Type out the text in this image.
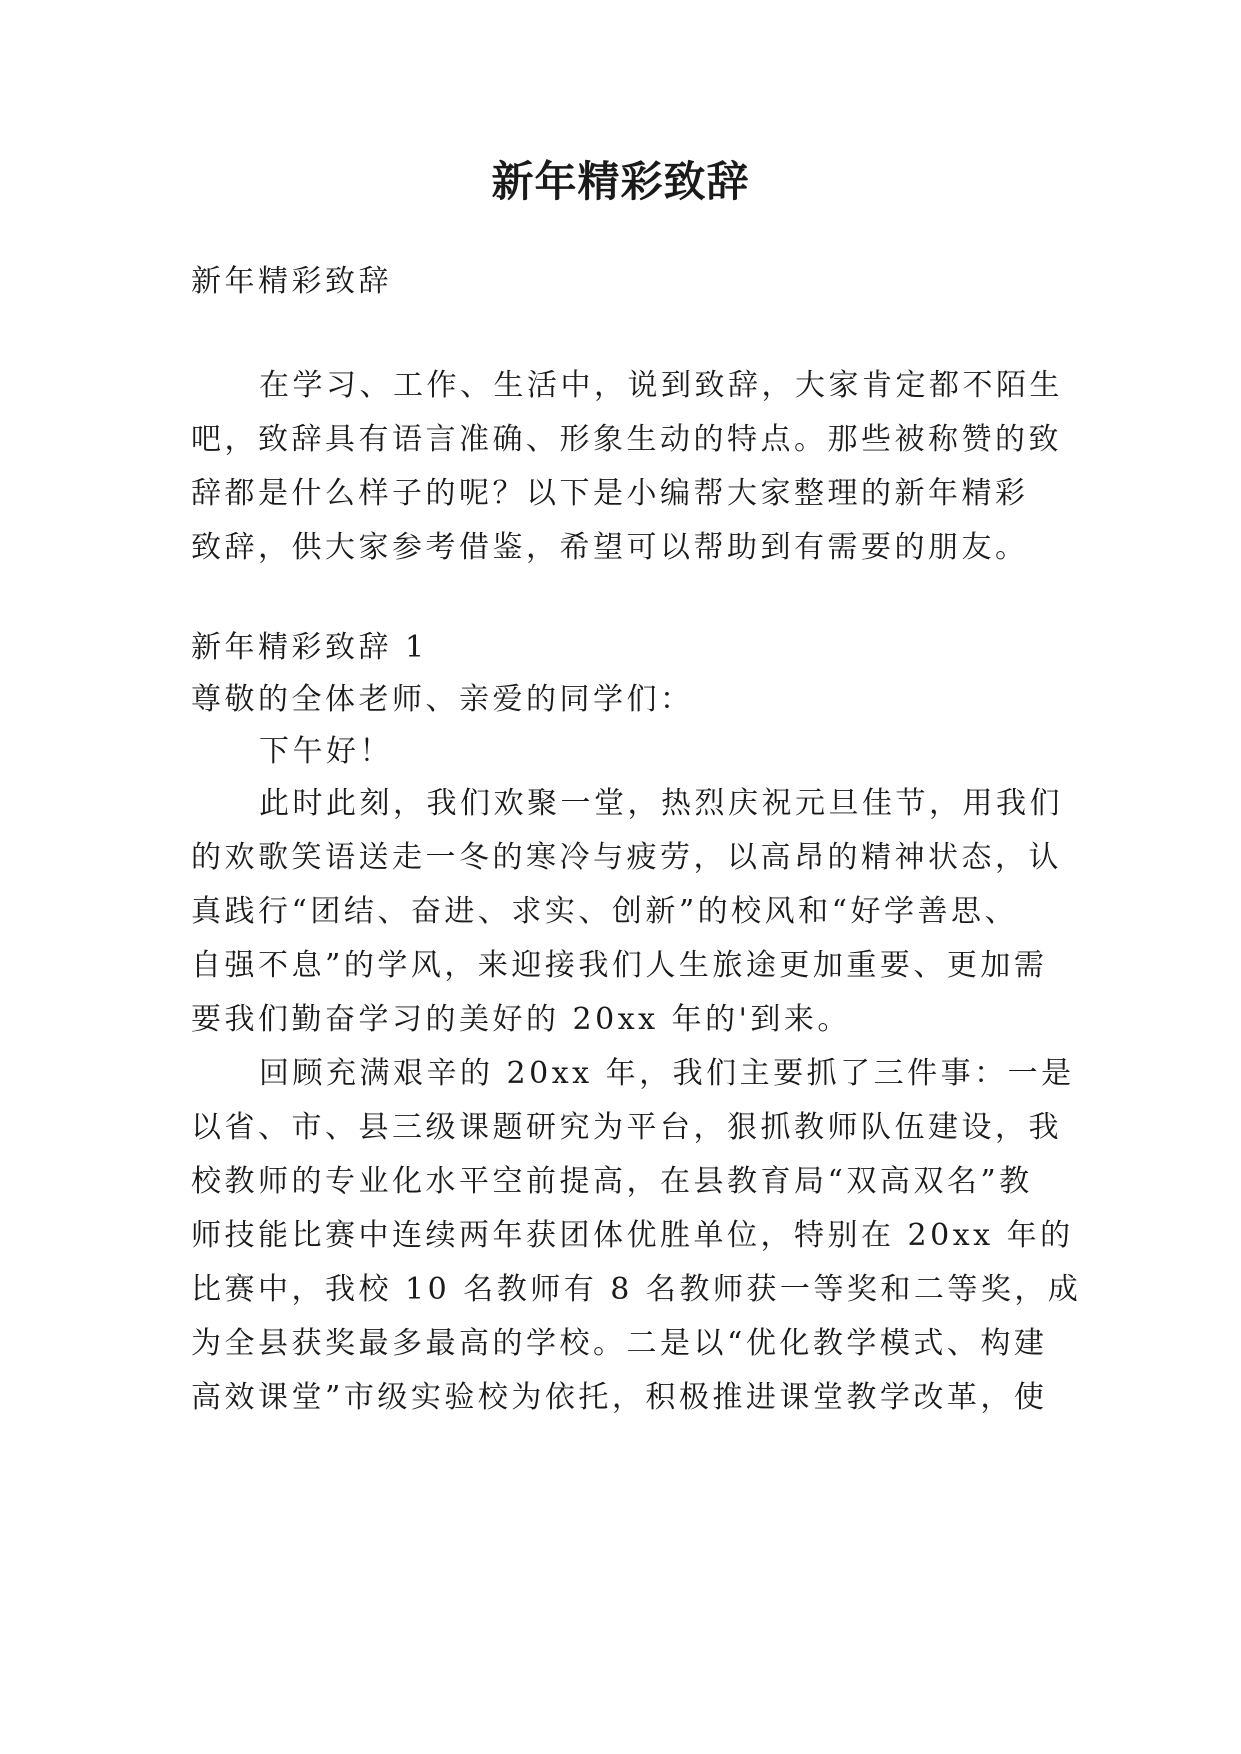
新年精彩致辞
新年精彩致辞
在学习、工作、生活中，说到致辞，大家肯定都不陌生
吧，致辞具有语言准确、形象生动的特点。那些被称赞的致
辞都是什么样子的呢？以下是小编帮大家整理的新年精彩
致辞，供大家参考借鉴，希望可以帮助到有需要的朋友。
新年精彩致辞 1
尊敬的全体老师、亲爱的同学们：
下午好！
此时此刻，我们欢聚一堂，热烈庆祝元旦佳节，用我们
的欢歌笑语送走一冬的寒冷与疲劳，以高昂的精神状态，认
真践行“团结、奋进、求实、创新”的校风和“好学善思、
自强不息”的学风，来迎接我们人生旅途更加重要、更加需
要我们勤奋学习的美好的 20xx 年的'到来。
回顾充满艰辛的 20xx 年，我们主要抓了三件事：一是
以省、市、县三级课题研究为平台，狠抓教师队伍建设，我
校教师的专业化水平空前提高，在县教育局“双高双名”教
师技能比赛中连续两年获团体优胜单位，特别在 20xx 年的
比赛中，我校 10 名教师有 8 名教师获一等奖和二等奖，成
为全县获奖最多最高的学校。二是以“优化教学模式、构建
高效课堂”市级实验校为依托，积极推进课堂教学改革，使
